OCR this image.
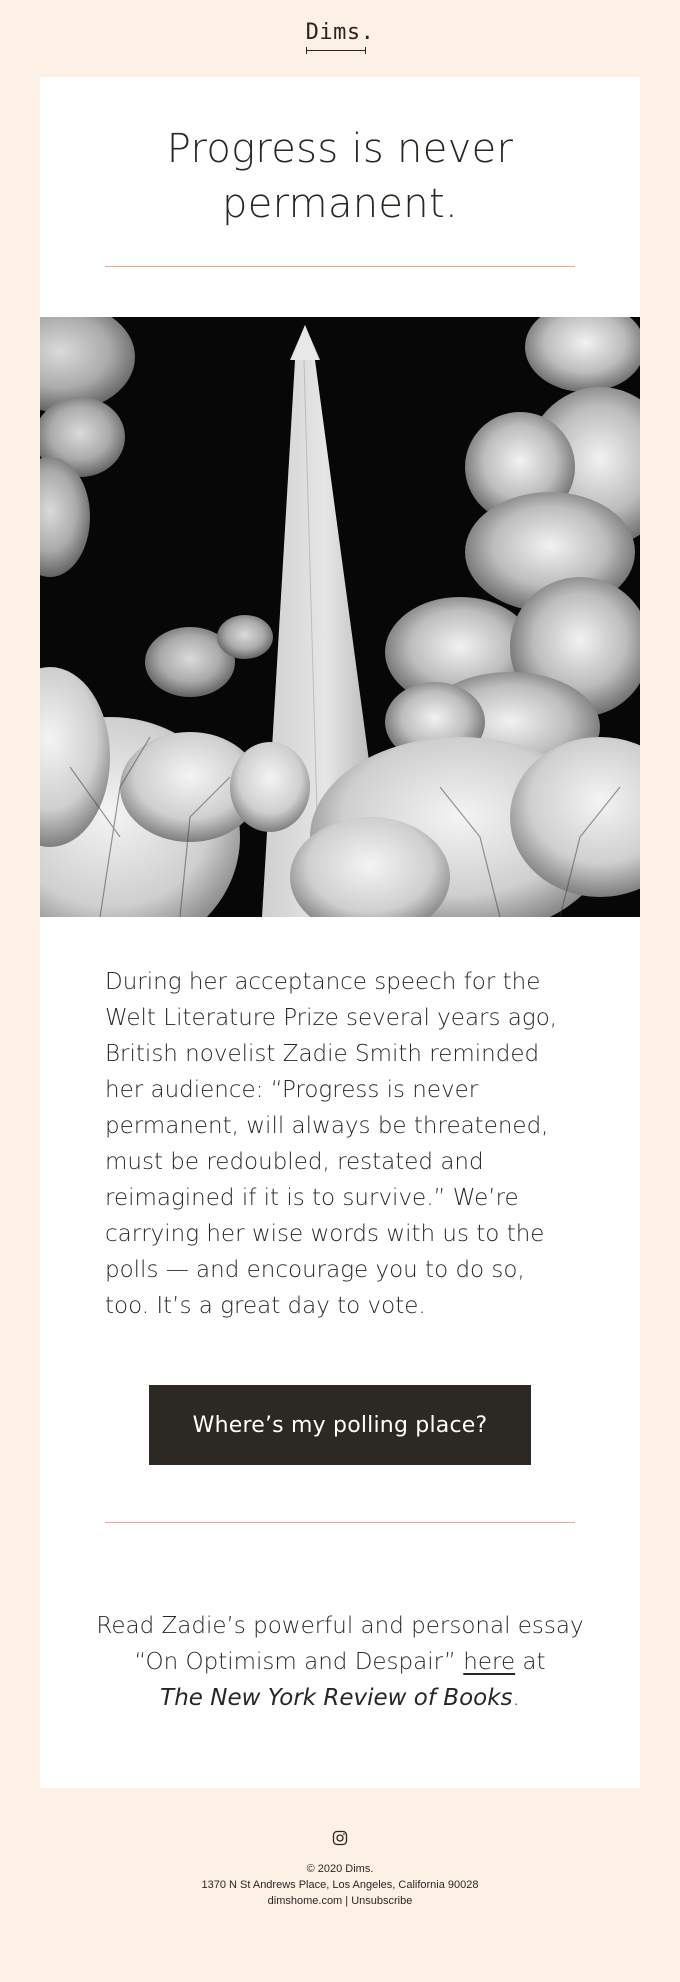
Dims.
Progress is never
permanent.
During her acceptance speech for the Welt Literature Prize several years ago, British novelist Zadie Smith reminded her audience: “Progress is never permanent, will always be threatened, must be redoubled, restated and reimagined if it is to survive.” We’re carrying her wise words with us to the polls — and encourage you to do so, too. It’s a great day to vote.
Where’s my polling place?
Read Zadie’s powerful and personal essay
“On Optimism and Despair” here at
The New York Review of Books.
© 2020 Dims.
1370 N St Andrews Place, Los Angeles, California 90028
dimshome.com | Unsubscribe
